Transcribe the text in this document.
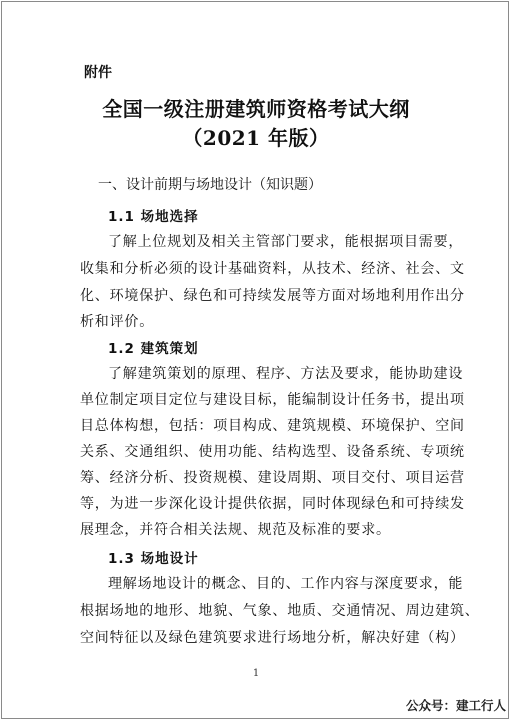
附件
全国一级注册建筑师资格考试大纲
（2021 年版）
一、设计前期与场地设计（知识题）
1.1 场地选择
了解上位规划及相关主管部门要求，能根据项目需要，
收集和分析必须的设计基础资料，从技术、经济、社会、文
化、环境保护、绿色和可持续发展等方面对场地利用作出分
析和评价。
1.2 建筑策划
了解建筑策划的原理、程序、方法及要求，能协助建设
单位制定项目定位与建设目标，能编制设计任务书，提出项
目总体构想，包括：项目构成、建筑规模、环境保护、空间
关系、交通组织、使用功能、结构选型、设备系统、专项统
筹、经济分析、投资规模、建设周期、项目交付、项目运营
等，为进一步深化设计提供依据，同时体现绿色和可持续发
展理念，并符合相关法规、规范及标准的要求。
1.3 场地设计
理解场地设计的概念、目的、工作内容与深度要求，能
根据场地的地形、地貌、气象、地质、交通情况、周边建筑、
空间特征以及绿色建筑要求进行场地分析，解决好建（构）
1
公众号：建工行人
